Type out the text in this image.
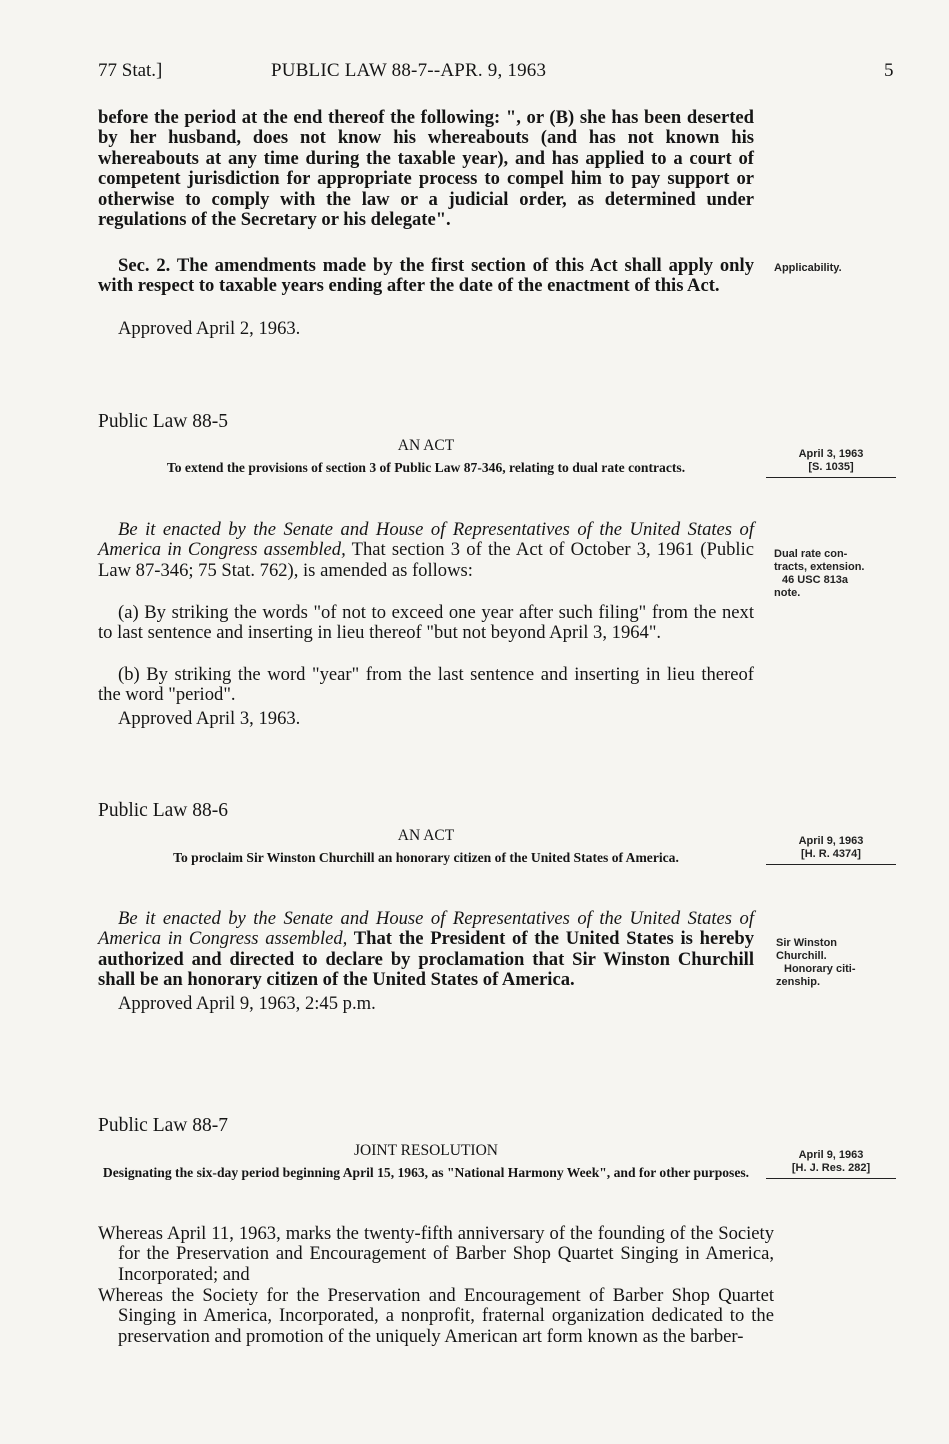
77 Stat.]	PUBLIC LAW 88-7--APR. 9, 1963	5

before the period at the end thereof the following: ", or (B) she has been deserted by her husband, does not know his whereabouts (and has not known his whereabouts at any time during the taxable year), and has applied to a court of competent jurisdiction for appropriate process to compel him to pay support or otherwise to comply with the law or a judicial order, as determined under regulations of the Secretary or his delegate".

Sec. 2. The amendments made by the first section of this Act shall apply only with respect to taxable years ending after the date of the enactment of this Act.

Approved April 2, 1963.
Applicability.
Public Law 88-5
AN ACT
To extend the provisions of section 3 of Public Law 87-346, relating to dual rate contracts.
April 3, 1963
[S. 1035]

Be it enacted by the Senate and House of Representatives of the United States of America in Congress assembled, That section 3 of the Act of October 3, 1961 (Public Law 87-346; 75 Stat. 762), is amended as follows:

(a) By striking the words "of not to exceed one year after such filing" from the next to last sentence and inserting in lieu thereof "but not beyond April 3, 1964".

(b) By striking the word "year" from the last sentence and inserting in lieu thereof the word "period".

Approved April 3, 1963.
Dual rate con-
tracts, extension.
46 USC 813a
note.
Public Law 88-6
AN ACT
To proclaim Sir Winston Churchill an honorary citizen of the United States of America.
April 9, 1963
[H. R. 4374]

Be it enacted by the Senate and House of Representatives of the United States of America in Congress assembled, That the President of the United States is hereby authorized and directed to declare by proclamation that Sir Winston Churchill shall be an honorary citizen of the United States of America.

Approved April 9, 1963, 2:45 p.m.
Sir Winston
Churchill.
Honorary citi-
zenship.
Public Law 88-7
JOINT RESOLUTION
Designating the six-day period beginning April 15, 1963, as "National Harmony Week", and for other purposes.
April 9, 1963
[H. J. Res. 282]

Whereas April 11, 1963, marks the twenty-fifth anniversary of the founding of the Society for the Preservation and Encouragement of Barber Shop Quartet Singing in America, Incorporated; and

Whereas the Society for the Preservation and Encouragement of Barber Shop Quartet Singing in America, Incorporated, a nonprofit, fraternal organization dedicated to the preservation and promotion of the uniquely American art form known as the barber-
